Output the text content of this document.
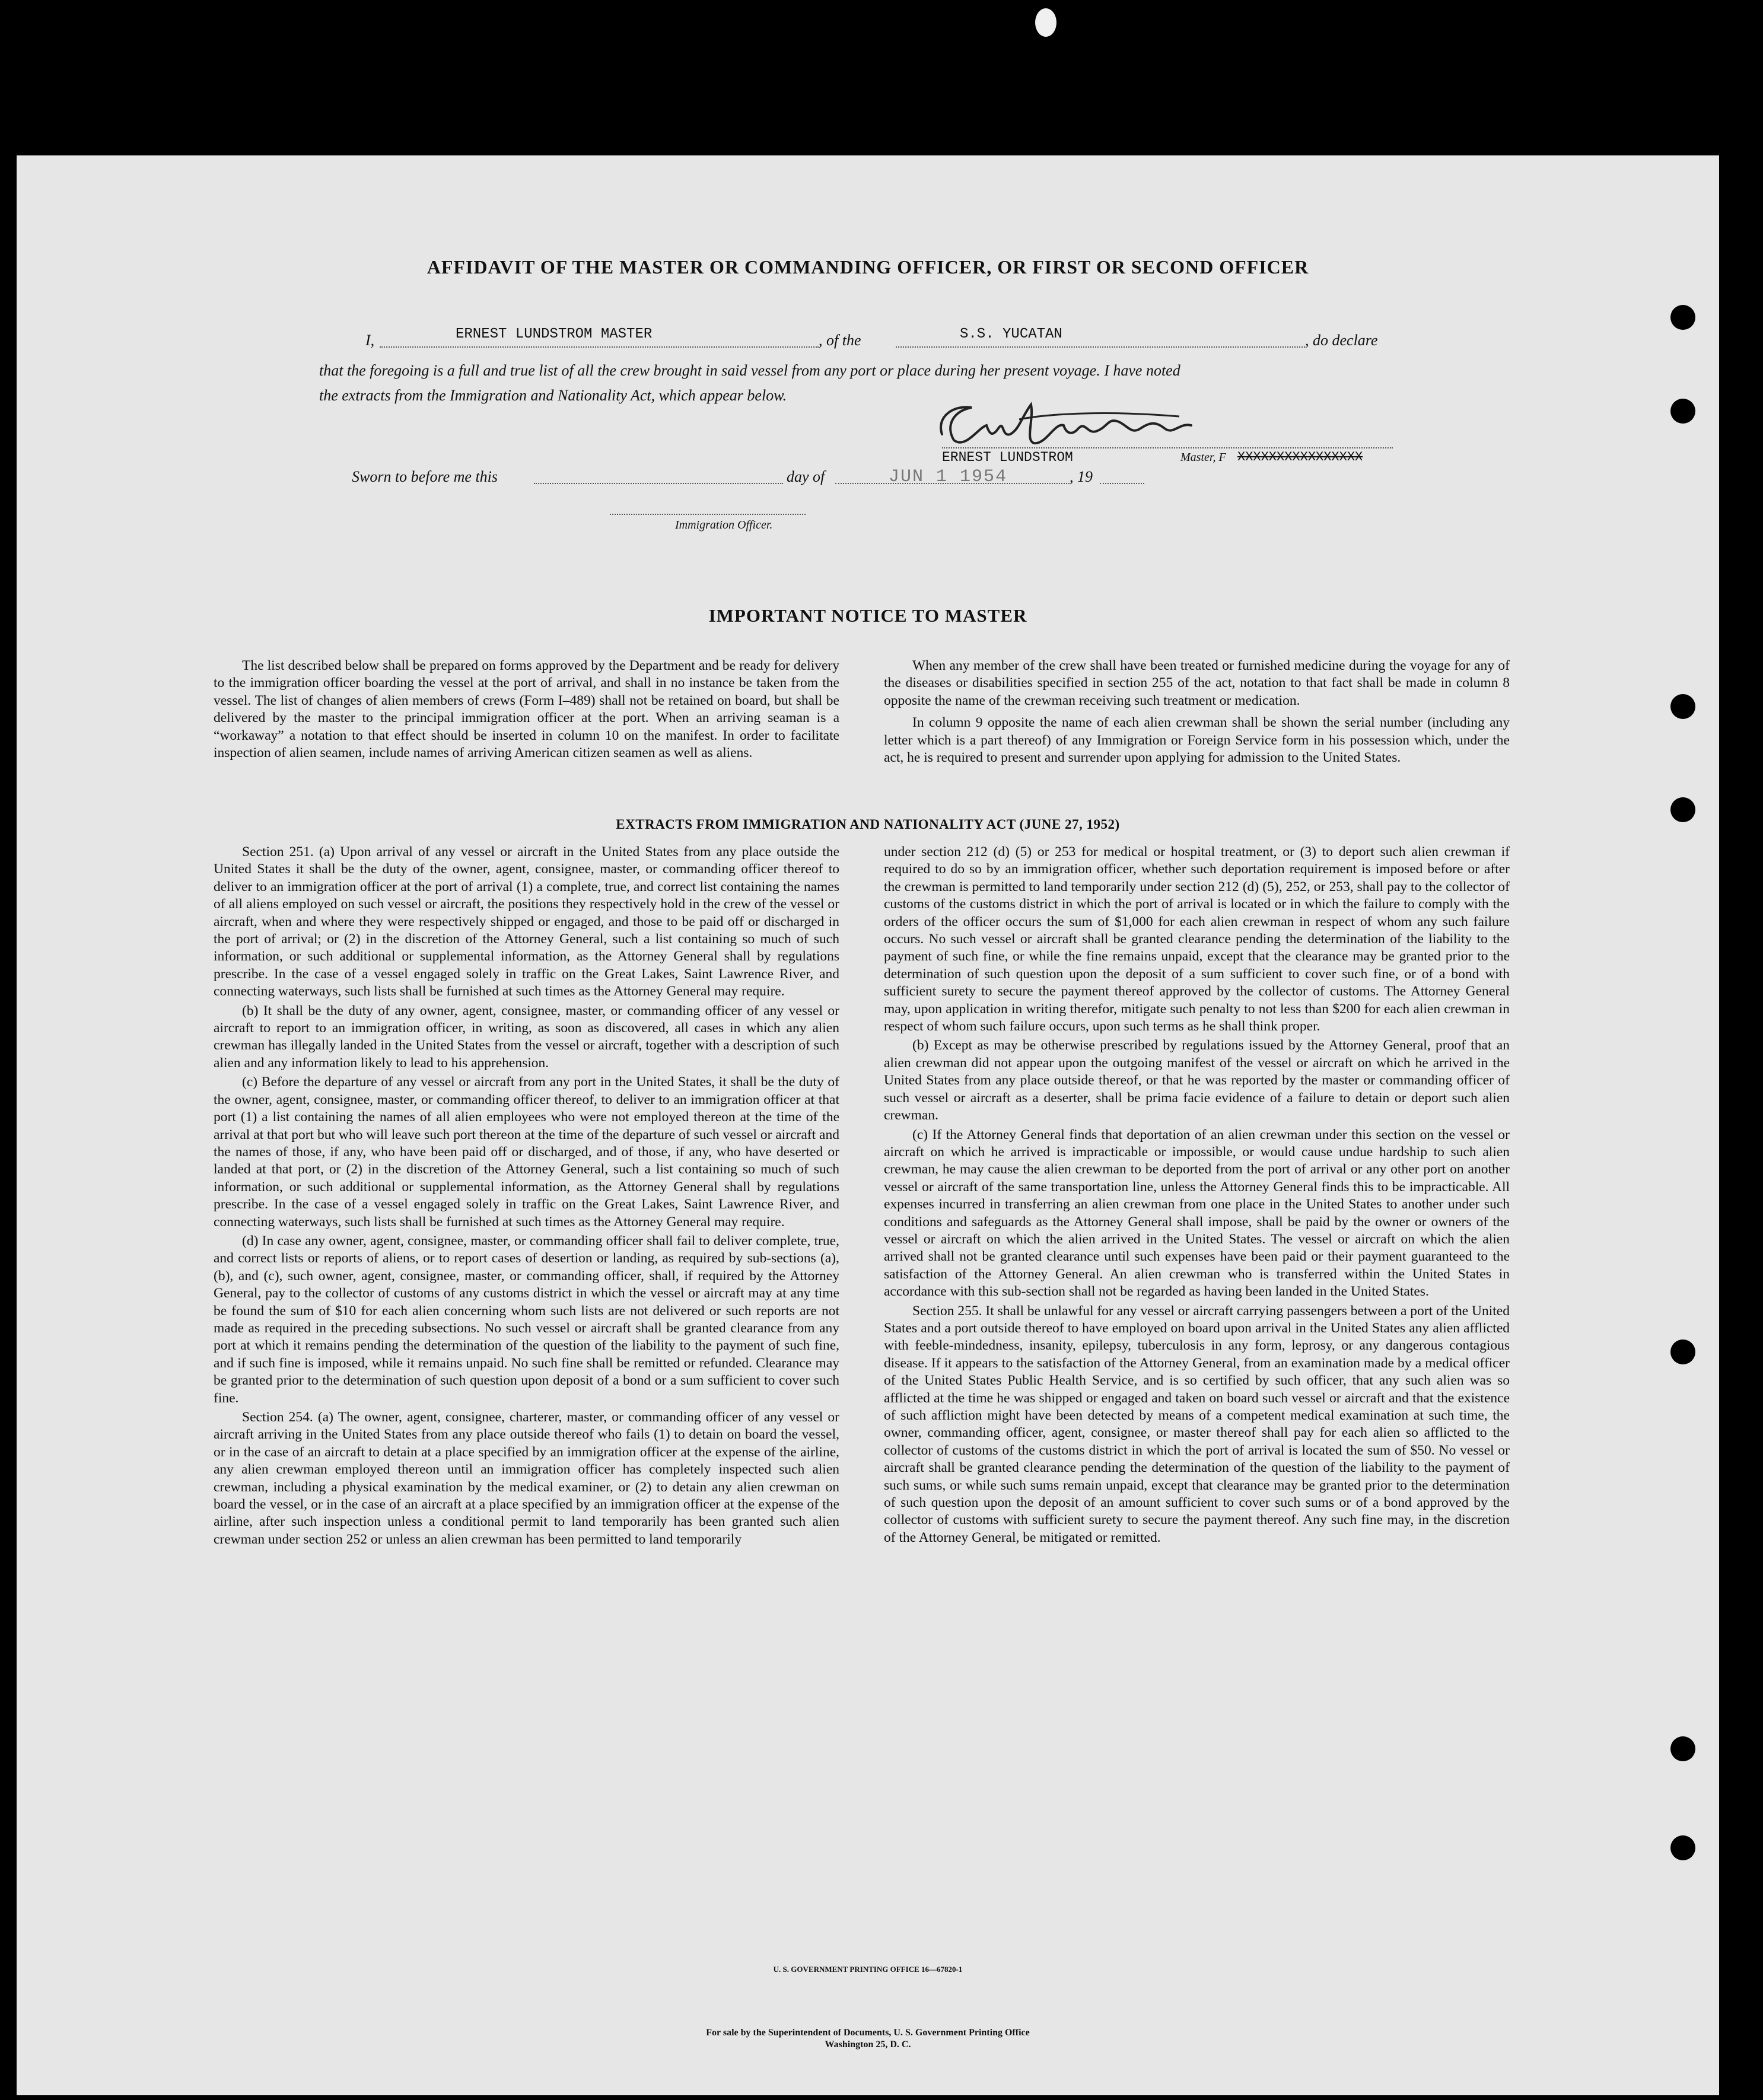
AFFIDAVIT OF THE MASTER OR COMMANDING OFFICER, OR FIRST OR SECOND OFFICER
I,	ERNEST LUNDSTROM MASTER	, of the	S.S. YUCATAN	, do declare
that the foregoing is a full and true list of all the crew brought in said vessel from any port or place during her present voyage. I have noted
the extracts from the Immigration and Nationality Act, which appear below.
ERNEST LUNDSTROM	Master, F XXXXXXXXXXXXXXXX
Sworn to before me this	day of	JUN 1 1954	, 19
Immigration Officer.
IMPORTANT NOTICE TO MASTER

The list described below shall be prepared on forms approved by the Department and be ready for delivery to the immigration officer boarding the vessel at the port of arrival, and shall in no instance be taken from the vessel. The list of changes of alien members of crews (Form I–489) shall not be retained on board, but shall be delivered by the master to the principal immigration officer at the port. When an arriving seaman is a “workaway” a notation to that effect should be inserted in column 10 on the manifest. In order to facilitate inspection of alien seamen, include names of arriving American citizen seamen as well as aliens.

When any member of the crew shall have been treated or furnished medicine during the voyage for any of the diseases or disabilities specified in section 255 of the act, notation to that fact shall be made in column 8 opposite the name of the crewman receiving such treatment or medication.

In column 9 opposite the name of each alien crewman shall be shown the serial number (including any letter which is a part thereof) of any Immigration or Foreign Service form in his possession which, under the act, he is required to present and surrender upon applying for admission to the United States.

EXTRACTS FROM IMMIGRATION AND NATIONALITY ACT (JUNE 27, 1952)

Section 251. (a) Upon arrival of any vessel or aircraft in the United States from any place outside the United States it shall be the duty of the owner, agent, consignee, master, or commanding officer thereof to deliver to an immigration officer at the port of arrival (1) a complete, true, and correct list containing the names of all aliens employed on such vessel or aircraft, the positions they respectively hold in the crew of the vessel or aircraft, when and where they were respectively shipped or engaged, and those to be paid off or discharged in the port of arrival; or (2) in the discretion of the Attorney General, such a list containing so much of such information, or such additional or supplemental information, as the Attorney General shall by regulations prescribe. In the case of a vessel engaged solely in traffic on the Great Lakes, Saint Lawrence River, and connecting waterways, such lists shall be furnished at such times as the Attorney General may require.

(b) It shall be the duty of any owner, agent, consignee, master, or commanding officer of any vessel or aircraft to report to an immigration officer, in writing, as soon as discovered, all cases in which any alien crewman has illegally landed in the United States from the vessel or aircraft, together with a description of such alien and any information likely to lead to his apprehension.

(c) Before the departure of any vessel or aircraft from any port in the United States, it shall be the duty of the owner, agent, consignee, master, or commanding officer thereof, to deliver to an immigration officer at that port (1) a list containing the names of all alien employees who were not employed thereon at the time of the arrival at that port but who will leave such port thereon at the time of the departure of such vessel or aircraft and the names of those, if any, who have been paid off or discharged, and of those, if any, who have deserted or landed at that port, or (2) in the discretion of the Attorney General, such a list containing so much of such information, or such additional or supplemental information, as the Attorney General shall by regulations prescribe. In the case of a vessel engaged solely in traffic on the Great Lakes, Saint Lawrence River, and connecting waterways, such lists shall be furnished at such times as the Attorney General may require.

(d) In case any owner, agent, consignee, master, or commanding officer shall fail to deliver complete, true, and correct lists or reports of aliens, or to report cases of desertion or landing, as required by sub-sections (a), (b), and (c), such owner, agent, consignee, master, or commanding officer, shall, if required by the Attorney General, pay to the collector of customs of any customs district in which the vessel or aircraft may at any time be found the sum of $10 for each alien concerning whom such lists are not delivered or such reports are not made as required in the preceding subsections. No such vessel or aircraft shall be granted clearance from any port at which it remains pending the determination of the question of the liability to the payment of such fine, and if such fine is imposed, while it remains unpaid. No such fine shall be remitted or refunded. Clearance may be granted prior to the determination of such question upon deposit of a bond or a sum sufficient to cover such fine.

Section 254. (a) The owner, agent, consignee, charterer, master, or commanding officer of any vessel or aircraft arriving in the United States from any place outside thereof who fails (1) to detain on board the vessel, or in the case of an aircraft to detain at a place specified by an immigration officer at the expense of the airline, any alien crewman employed thereon until an immigration officer has completely inspected such alien crewman, including a physical examination by the medical examiner, or (2) to detain any alien crewman on board the vessel, or in the case of an aircraft at a place specified by an immigration officer at the expense of the airline, after such inspection unless a conditional permit to land temporarily has been granted such alien crewman under section 252 or unless an alien crewman has been permitted to land temporarily

under section 212 (d) (5) or 253 for medical or hospital treatment, or (3) to deport such alien crewman if required to do so by an immigration officer, whether such deportation requirement is imposed before or after the crewman is permitted to land temporarily under section 212 (d) (5), 252, or 253, shall pay to the collector of customs of the customs district in which the port of arrival is located or in which the failure to comply with the orders of the officer occurs the sum of $1,000 for each alien crewman in respect of whom any such failure occurs. No such vessel or aircraft shall be granted clearance pending the determination of the liability to the payment of such fine, or while the fine remains unpaid, except that the clearance may be granted prior to the determination of such question upon the deposit of a sum sufficient to cover such fine, or of a bond with sufficient surety to secure the payment thereof approved by the collector of customs. The Attorney General may, upon application in writing therefor, mitigate such penalty to not less than $200 for each alien crewman in respect of whom such failure occurs, upon such terms as he shall think proper.

(b) Except as may be otherwise prescribed by regulations issued by the Attorney General, proof that an alien crewman did not appear upon the outgoing manifest of the vessel or aircraft on which he arrived in the United States from any place outside thereof, or that he was reported by the master or commanding officer of such vessel or aircraft as a deserter, shall be prima facie evidence of a failure to detain or deport such alien crewman.

(c) If the Attorney General finds that deportation of an alien crewman under this section on the vessel or aircraft on which he arrived is impracticable or impossible, or would cause undue hardship to such alien crewman, he may cause the alien crewman to be deported from the port of arrival or any other port on another vessel or aircraft of the same transportation line, unless the Attorney General finds this to be impracticable. All expenses incurred in transferring an alien crewman from one place in the United States to another under such conditions and safeguards as the Attorney General shall impose, shall be paid by the owner or owners of the vessel or aircraft on which the alien arrived in the United States. The vessel or aircraft on which the alien arrived shall not be granted clearance until such expenses have been paid or their payment guaranteed to the satisfaction of the Attorney General. An alien crewman who is transferred within the United States in accordance with this sub-section shall not be regarded as having been landed in the United States.

Section 255. It shall be unlawful for any vessel or aircraft carrying passengers between a port of the United States and a port outside thereof to have employed on board upon arrival in the United States any alien afflicted with feeble-mindedness, insanity, epilepsy, tuberculosis in any form, leprosy, or any dangerous contagious disease. If it appears to the satisfaction of the Attorney General, from an examination made by a medical officer of the United States Public Health Service, and is so certified by such officer, that any such alien was so afflicted at the time he was shipped or engaged and taken on board such vessel or aircraft and that the existence of such affliction might have been detected by means of a competent medical examination at such time, the owner, commanding officer, agent, consignee, or master thereof shall pay for each alien so afflicted to the collector of customs of the customs district in which the port of arrival is located the sum of $50. No vessel or aircraft shall be granted clearance pending the determination of the question of the liability to the payment of such sums, or while such sums remain unpaid, except that clearance may be granted prior to the determination of such question upon the deposit of an amount sufficient to cover such sums or of a bond approved by the collector of customs with sufficient surety to secure the payment thereof. Any such fine may, in the discretion of the Attorney General, be mitigated or remitted.

U. S. GOVERNMENT PRINTING OFFICE 16—67820-1
For sale by the Superintendent of Documents, U. S. Government Printing Office
Washington 25, D. C.
